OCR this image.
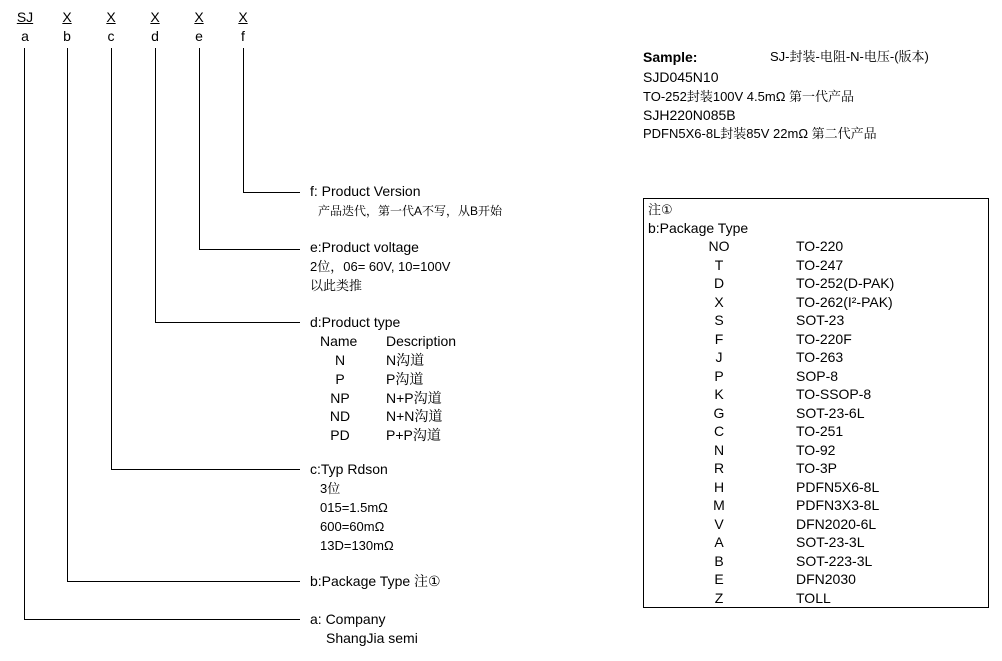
SJ
a
X
b
X
c
X
d
X
e
X
f
f: Product Version
产品迭代，第一代A不写，从B开始
e:Product voltage
2位，06= 60V, 10=100V
以此类推
d:Product type
Name Description
N	N沟道
P	P沟道
NP	N+P沟道
ND	N+N沟道
PD	P+P沟道
c:Typ Rdson
3位
015=1.5mΩ
600=60mΩ
13D=130mΩ
b:Package Type 注①
a: Company
ShangJia semi
Sample:	SJ-封装-电阻-N-电压-(版本)
SJD045N10
TO-252封装100V 4.5mΩ 第一代产品
SJH220N085B
PDFN5X6-8L封装85V 22mΩ 第二代产品
注①
b:Package Type
NO	TO-220
T	TO-247
D	TO-252(D-PAK)
X	TO-262(I²-PAK)
S	SOT-23
F	TO-220F
J	TO-263
P	SOP-8
K	TO-SSOP-8
G	SOT-23-6L
C	TO-251
N	TO-92
R	TO-3P
H	PDFN5X6-8L
M	PDFN3X3-8L
V	DFN2020-6L
A	SOT-23-3L
B	SOT-223-3L
E	DFN2030
Z	TOLL
